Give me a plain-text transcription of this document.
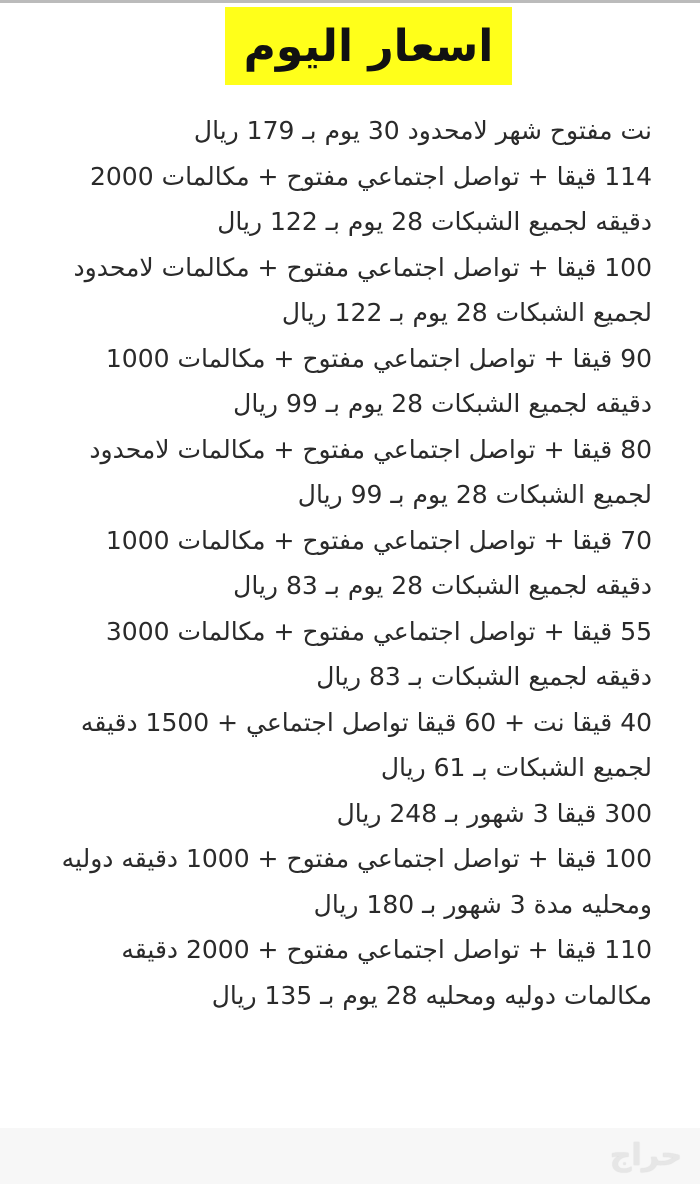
اسعار اليوم
نت مفتوح شهر لامحدود 30 يوم بـ 179 ريال
114 قيقا + تواصل اجتماعي مفتوح + مكالمات 2000
دقيقه لجميع الشبكات 28 يوم بـ 122 ريال
100 قيقا + تواصل اجتماعي مفتوح + مكالمات لامحدود
لجميع الشبكات 28 يوم بـ 122 ريال
90 قيقا + تواصل اجتماعي مفتوح + مكالمات 1000
دقيقه لجميع الشبكات 28 يوم بـ 99 ريال
80 قيقا + تواصل اجتماعي مفتوح + مكالمات لامحدود
لجميع الشبكات 28 يوم بـ 99 ريال
70 قيقا + تواصل اجتماعي مفتوح + مكالمات 1000
دقيقه لجميع الشبكات 28 يوم بـ 83 ريال
55 قيقا + تواصل اجتماعي مفتوح + مكالمات 3000
دقيقه لجميع الشبكات بـ 83 ريال
40 قيقا نت + 60 قيقا تواصل اجتماعي + 1500 دقيقه
لجميع الشبكات بـ 61 ريال
300 قيقا 3 شهور بـ 248 ريال
100 قيقا + تواصل اجتماعي مفتوح + 1000 دقيقه دوليه
ومحليه مدة 3 شهور بـ 180 ريال
110 قيقا + تواصل اجتماعي مفتوح + 2000 دقيقه
مكالمات دوليه ومحليه 28 يوم بـ 135 ريال
حراج
